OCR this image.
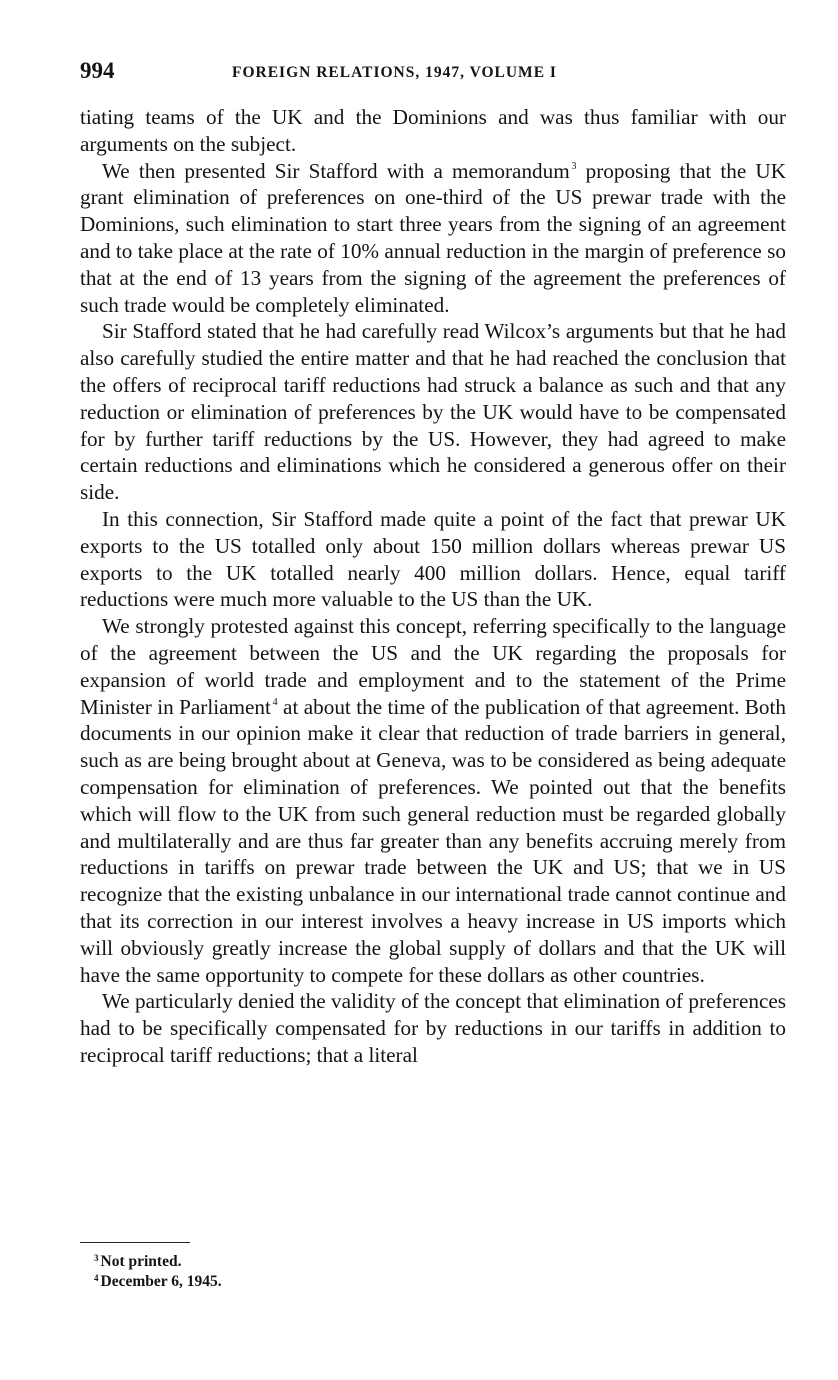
994	FOREIGN RELATIONS, 1947, VOLUME I

tiating teams of the UK and the Dominions and was thus familiar with our arguments on the subject.

We then presented Sir Stafford with a memorandum  $^3$ proposing that the UK grant elimination of preferences on one-third of the US prewar trade with the Dominions, such elimination to start three years from the signing of an agreement and to take place at the rate of 10% annual reduction in the margin of preference so that at the end of 13 years from the signing of the agreement the preferences of such trade would be completely eliminated.

Sir Stafford stated that he had carefully read Wilcox’s arguments but that he had also carefully studied the entire matter and that he had reached the conclusion that the offers of reciprocal tariff reductions had struck a balance as such and that any reduction or elimination of preferences by the UK would have to be compensated for by further tariff reductions by the US. However, they had agreed to make certain reductions and eliminations which he considered a generous offer on their side.

In this connection, Sir Stafford made quite a point of the fact that prewar UK exports to the US totalled only about 150 million dollars whereas prewar US exports to the UK totalled nearly 400 million dollars. Hence, equal tariff reductions were much more valuable to the US than the UK.

We strongly protested against this concept, referring specifically to the language of the agreement between the US and the UK regarding the proposals for expansion of world trade and employment and to the statement of the Prime Minister in Parliament  $^4$ at about the time of the publication of that agreement. Both documents in our opinion make it clear that reduction of trade barriers in general, such as are being brought about at Geneva, was to be considered as being adequate compensation for elimination of preferences. We pointed out that the benefits which will flow to the UK from such general reduction must be regarded globally and multilaterally and are thus far greater than any benefits accruing merely from reductions in tariffs on prewar trade between the UK and US; that we in US recognize that the existing unbalance in our international trade cannot continue and that its correction in our interest involves a heavy increase in US imports which will obviously greatly increase the global supply of dollars and that the UK will have the same opportunity to compete for these dollars as other countries.

We particularly denied the validity of the concept that elimination of preferences had to be specifically compensated for by reductions in our tariffs in addition to reciprocal tariff reductions; that a literal

$^3$ Not printed.
$^4$ December 6, 1945.
